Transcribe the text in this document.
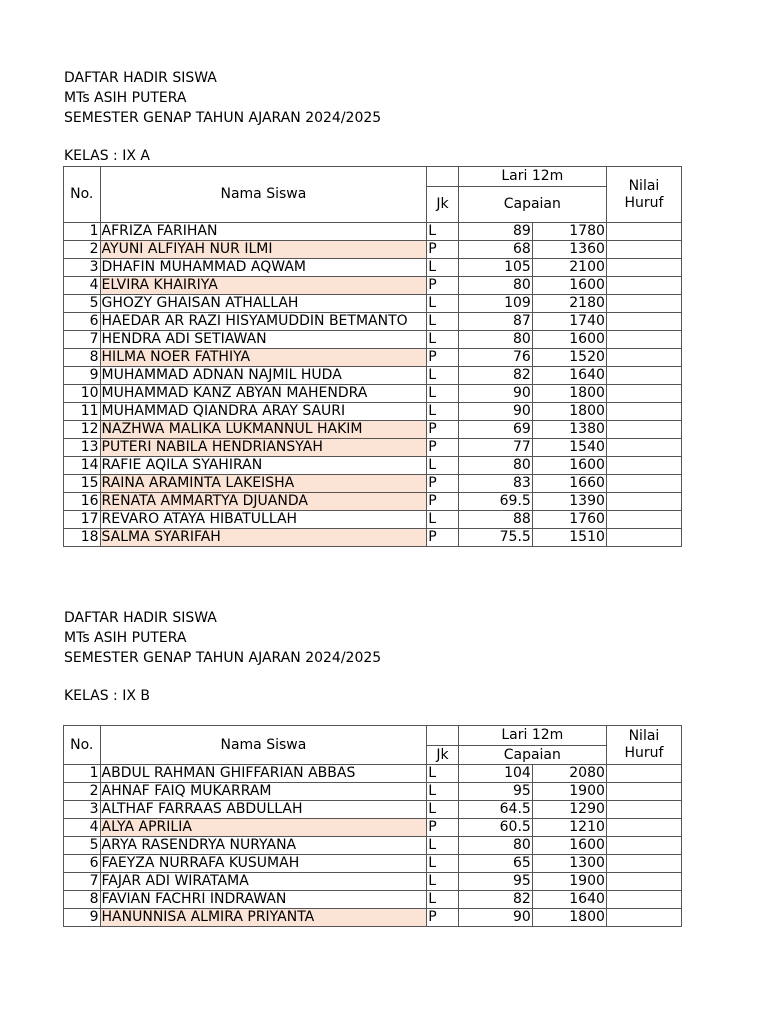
DAFTAR HADIR SISWA
MTs ASIH PUTERA
SEMESTER GENAP TAHUN AJARAN 2024/2025
KELAS : IX A
No.	Nama Siswa		Lari 12m		Nilai Huruf
		Jk	Capaian		
1	AFRIZA FARIHAN	L	89	1780	
2	AYUNI ALFIYAH NUR ILMI	P	68	1360	
3	DHAFIN MUHAMMAD AQWAM	L	105	2100	
4	ELVIRA KHAIRIYA	P	80	1600	
5	GHOZY GHAISAN ATHALLAH	L	109	2180	
6	HAEDAR AR RAZI HISYAMUDDIN BETMANTO	L	87	1740	
7	HENDRA ADI SETIAWAN	L	80	1600	
8	HILMA NOER FATHIYA	P	76	1520	
9	MUHAMMAD ADNAN NAJMIL HUDA	L	82	1640	
10	MUHAMMAD KANZ ABYAN MAHENDRA	L	90	1800	
11	MUHAMMAD QIANDRA ARAY SAURI	L	90	1800	
12	NAZHWA MALIKA LUKMANNUL HAKIM	P	69	1380	
13	PUTERI NABILA HENDRIANSYAH	P	77	1540	
14	RAFIE AQILA SYAHIRAN	L	80	1600	
15	RAINA ARAMINTA LAKEISHA	P	83	1660	
16	RENATA AMMARTYA DJUANDA	P	69.5	1390	
17	REVARO ATAYA HIBATULLAH	L	88	1760	
18	SALMA SYARIFAH	P	75.5	1510	
DAFTAR HADIR SISWA
MTs ASIH PUTERA
SEMESTER GENAP TAHUN AJARAN 2024/2025
KELAS : IX B
No.	Nama Siswa		Lari 12m		Nilai Huruf
		Jk	Capaian		
1	ABDUL RAHMAN GHIFFARIAN ABBAS	L	104	2080	
2	AHNAF FAIQ MUKARRAM	L	95	1900	
3	ALTHAF FARRAAS ABDULLAH	L	64.5	1290	
4	ALYA APRILIA	P	60.5	1210	
5	ARYA RASENDRYA NURYANA	L	80	1600	
6	FAEYZA NURRAFA KUSUMAH	L	65	1300	
7	FAJAR ADI WIRATAMA	L	95	1900	
8	FAVIAN FACHRI INDRAWAN	L	82	1640	
9	HANUNNISA ALMIRA PRIYANTA	P	90	1800	
